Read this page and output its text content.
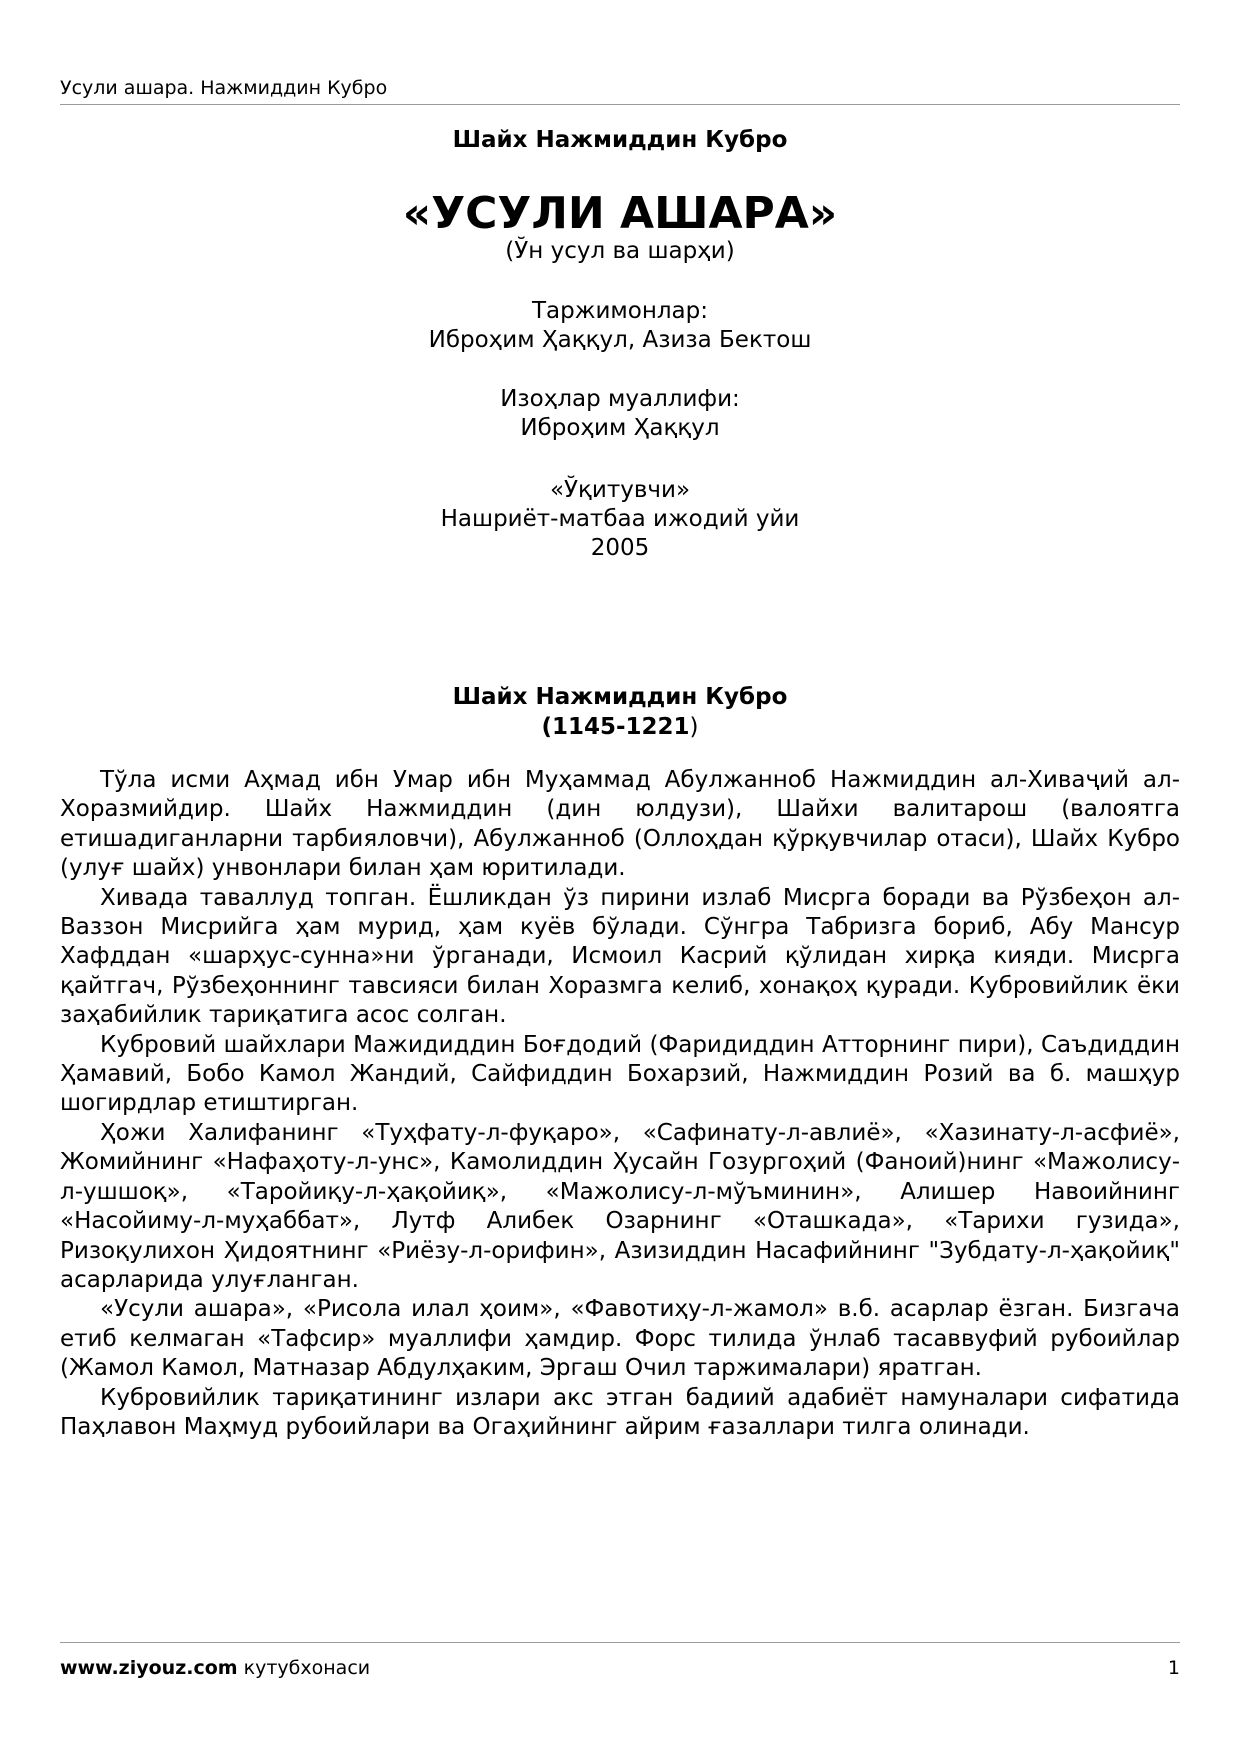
Усули ашара. Нажмиддин Кубро
Шайх Нажмиддин Кубро
«УСУЛИ АШАРА»
(Ўн усул ва шарҳи)
Таржимонлар:
Иброҳим Ҳаққул, Азиза Бектош
Изоҳлар муаллифи:
Иброҳим Ҳаққул
«Ўқитувчи»
Нашриёт-матбаа ижодий уйи
2005
Шайх Нажмиддин Кубро
(1145-1221)

Тўла исми Аҳмад ибн Умар ибн Муҳаммад Абулжанноб Нажмиддин ал-Хиваҷий ал-Хоразмийдир. Шайх Нажмиддин (дин юлдузи), Шайхи валитарош (валоятга етишадиганларни тарбияловчи), Абулжанноб (Оллоҳдан қўрқувчилар отаси), Шайх Кубро (улуғ шайх) унвонлари билан ҳам юритилади.

Хивада таваллуд топган. Ёшликдан ўз пирини излаб Мисрга боради ва Рўзбеҳон ал-Ваззон Мисрийга ҳам мурид, ҳам куёв бўлади. Сўнгра Табризга бориб, Абу Мансур Хафддан «шарҳус-сунна»ни ўрганади, Исмоил Касрий қўлидан хирқа кияди. Мисрга қайтгач, Рўзбеҳоннинг тавсияси билан Хоразмга келиб, хонақоҳ қуради. Кубровийлик ёки заҳабийлик тариқатига асос солган.

Кубровий шайхлари Мажидиддин Боғдодий (Фаридиддин Атторнинг пири), Саъдиддин Ҳамавий, Бобо Камол Жандий, Сайфиддин Бохарзий, Нажмиддин Розий ва б. машҳур шогирдлар етиштирган.

Ҳожи Халифанинг «Туҳфату-л-фуқаро», «Сафинату-л-авлиё», «Хазинату-л-асфиё», Жомийнинг «Нафаҳоту-л-унс», Камолиддин Ҳусайн Гозургоҳий (Фаноий)нинг «Мажолису-л-ушшоқ», «Таройиқу-л-ҳақойиқ», «Мажолису-л-мўъминин», Алишер Навоийнинг «Насойиму-л-муҳаббат», Лутф Алибек Озарнинг «Оташкада», «Тарихи гузида», Ризоқулихон Ҳидоятнинг «Риёзу-л-орифин», Азизиддин Насафийнинг "Зубдату-л-ҳақойиқ" асарларида улуғланган.

«Усули ашара», «Рисола илал ҳоим», «Фавотиҳу-л-жамол» в.б. асарлар ёзган. Бизгача етиб келмаган «Тафсир» муаллифи ҳамдир. Форс тилида ўнлаб тасаввуфий рубоийлар (Жамол Камол, Матназар Абдулҳаким, Эргаш Очил таржималари) яратган.

Кубровийлик тариқатининг излари акс этган бадиий адабиёт намуналари сифатида Паҳлавон Маҳмуд рубоийлари ва Огаҳийнинг айрим ғазаллари тилга олинади.

www.ziyouz.com кутубхонаси	1
